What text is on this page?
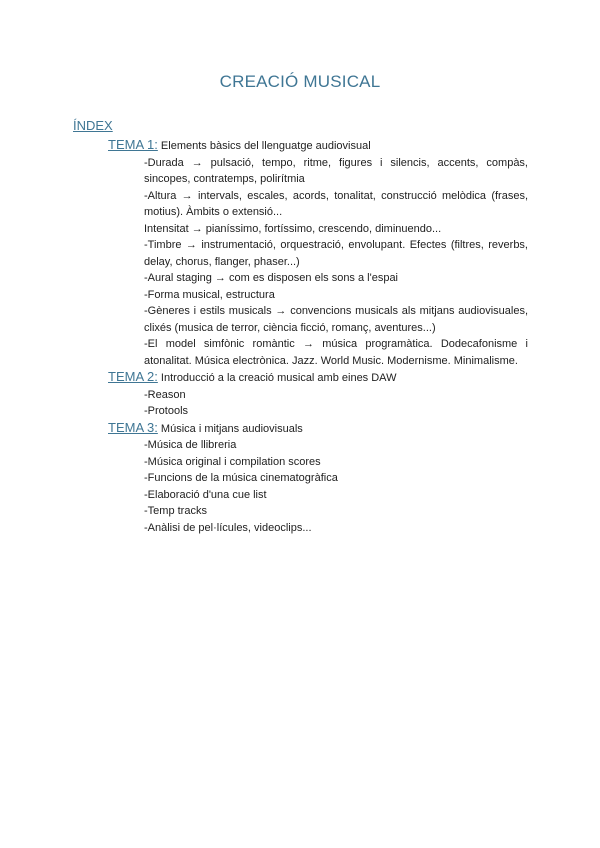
CREACIÓ MUSICAL
ÍNDEX

TEMA 1: Elements bàsics del llenguatge audiovisual

-Durada → pulsació, tempo, ritme, figures i silencis, accents, compàs, sincopes, contratemps, polirítmia
-Altura → intervals, escales, acords, tonalitat, construcció melòdica (frases, motius). Àmbits o extensió...
Intensitat → pianíssimo, fortíssimo, crescendo, diminuendo...
-Timbre → instrumentació, orquestració, envolupant. Efectes (filtres, reverbs, delay, chorus, flanger, phaser...)
-Aural staging → com es disposen els sons a l'espai
-Forma musical, estructura
-Gèneres i estils musicals → convencions musicals als mitjans audiovisuales, clixés (musica de terror, ciència ficció, romanç, aventures...)
-El model simfònic romàntic → música programàtica. Dodecafonisme i atonalitat. Música electrònica. Jazz. World Music. Modernisme. Minimalisme.

TEMA 2: Introducció a la creació musical amb eines DAW

-Reason
-Protools

TEMA 3: Música i mitjans audiovisuals

-Música de llibreria
-Música original i compilation scores
-Funcions de la música cinematogràfica
-Elaboració d'una cue list
-Temp tracks
-Anàlisi de pel·lícules, videoclips...
